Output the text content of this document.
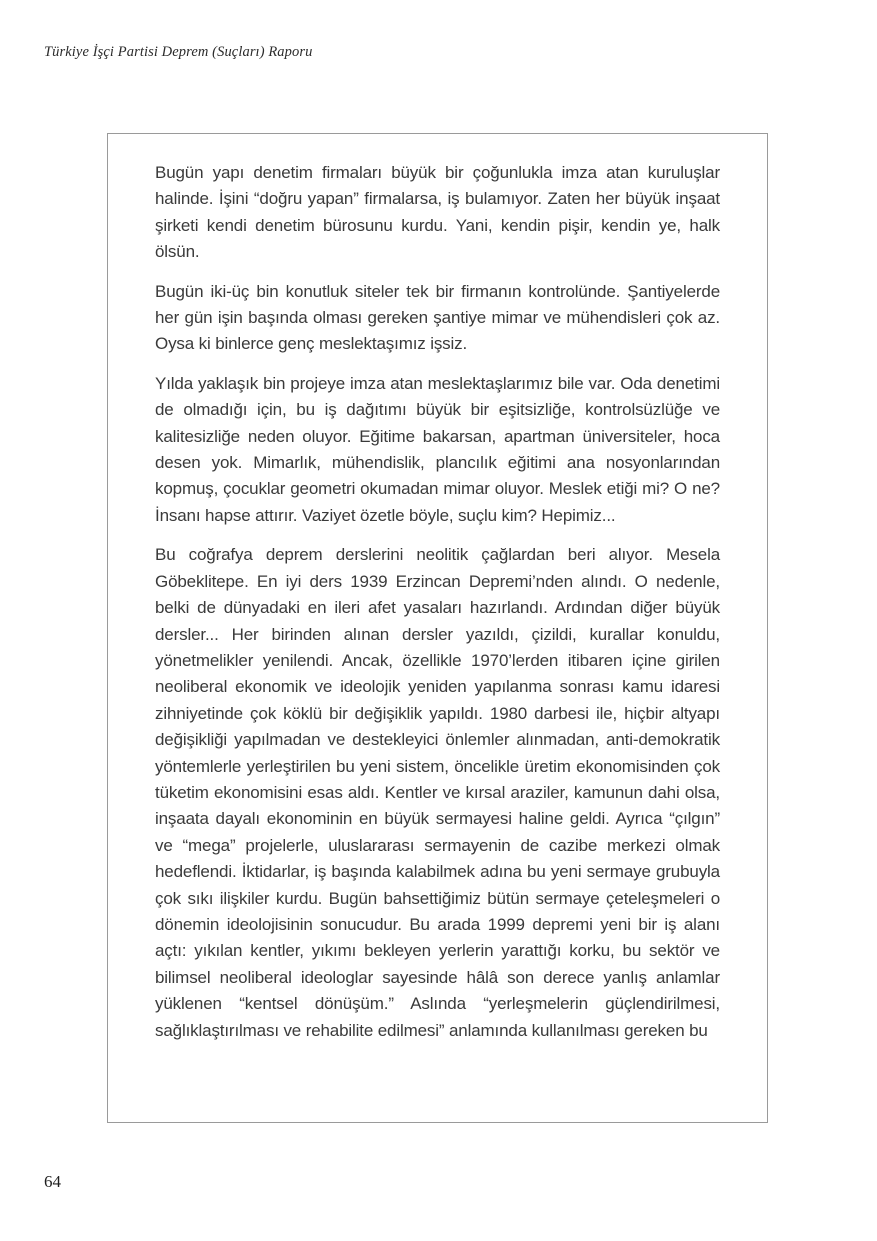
Türkiye İşçi Partisi Deprem (Suçları) Raporu

Bugün yapı denetim firmaları büyük bir çoğunlukla imza atan kuruluşlar halinde. İşini “doğru yapan” firmalarsa, iş bulamıyor. Zaten her büyük inşaat şirketi kendi denetim bürosunu kurdu. Yani, kendin pişir, kendin ye, halk ölsün.

Bugün iki-üç bin konutluk siteler tek bir firmanın kontrolünde. Şantiyelerde her gün işin başında olması gereken şantiye mimar ve mühendisleri çok az. Oysa ki binlerce genç meslektaşımız işsiz.

Yılda yaklaşık bin projeye imza atan meslektaşlarımız bile var. Oda denetimi de olmadığı için, bu iş dağıtımı büyük bir eşitsizliğe, kontrolsüzlüğe ve kalitesizliğe neden oluyor. Eğitime bakarsan, apartman üniversiteler, hoca desen yok. Mimarlık, mühendislik, plancılık eğitimi ana nosyonlarından kopmuş, çocuklar geometri okumadan mimar oluyor. Meslek etiği mi? O ne? İnsanı hapse attırır. Vaziyet özetle böyle, suçlu kim? Hepimiz...

Bu coğrafya deprem derslerini neolitik çağlardan beri alıyor. Mesela Göbeklitepe. En iyi ders 1939 Erzincan Depremi’nden alındı. O nedenle, belki de dünyadaki en ileri afet yasaları hazırlandı. Ardından diğer büyük dersler... Her birinden alınan dersler yazıldı, çizildi, kurallar konuldu, yönetmelikler yenilendi. Ancak, özellikle 1970’lerden itibaren içine girilen neoliberal ekonomik ve ideolojik yeniden yapılanma sonrası kamu idaresi zihniyetinde çok köklü bir değişiklik yapıldı. 1980 darbesi ile, hiçbir altyapı değişikliği yapılmadan ve destekleyici önlemler alınmadan, anti-demokratik yöntemlerle yerleştirilen bu yeni sistem, öncelikle üretim ekonomisinden çok tüketim ekonomisini esas aldı. Kentler ve kırsal araziler, kamunun dahi olsa, inşaata dayalı ekonominin en büyük sermayesi haline geldi. Ayrıca “çılgın” ve “mega” projelerle, uluslararası sermayenin de cazibe merkezi olmak hedeflendi. İktidarlar, iş başında kalabilmek adına bu yeni sermaye grubuyla çok sıkı ilişkiler kurdu. Bugün bahsettiğimiz bütün sermaye çeteleşmeleri o dönemin ideolojisinin sonucudur. Bu arada 1999 depremi yeni bir iş alanı açtı: yıkılan kentler, yıkımı bekleyen yerlerin yarattığı korku, bu sektör ve bilimsel neoliberal ideologlar sayesinde hâlâ son derece yanlış anlamlar yüklenen “kentsel dönüşüm.” Aslında “yerleşmelerin güçlendirilmesi, sağlıklaştırılması ve rehabilite edilmesi” anlamında kullanılması gereken bu

64
